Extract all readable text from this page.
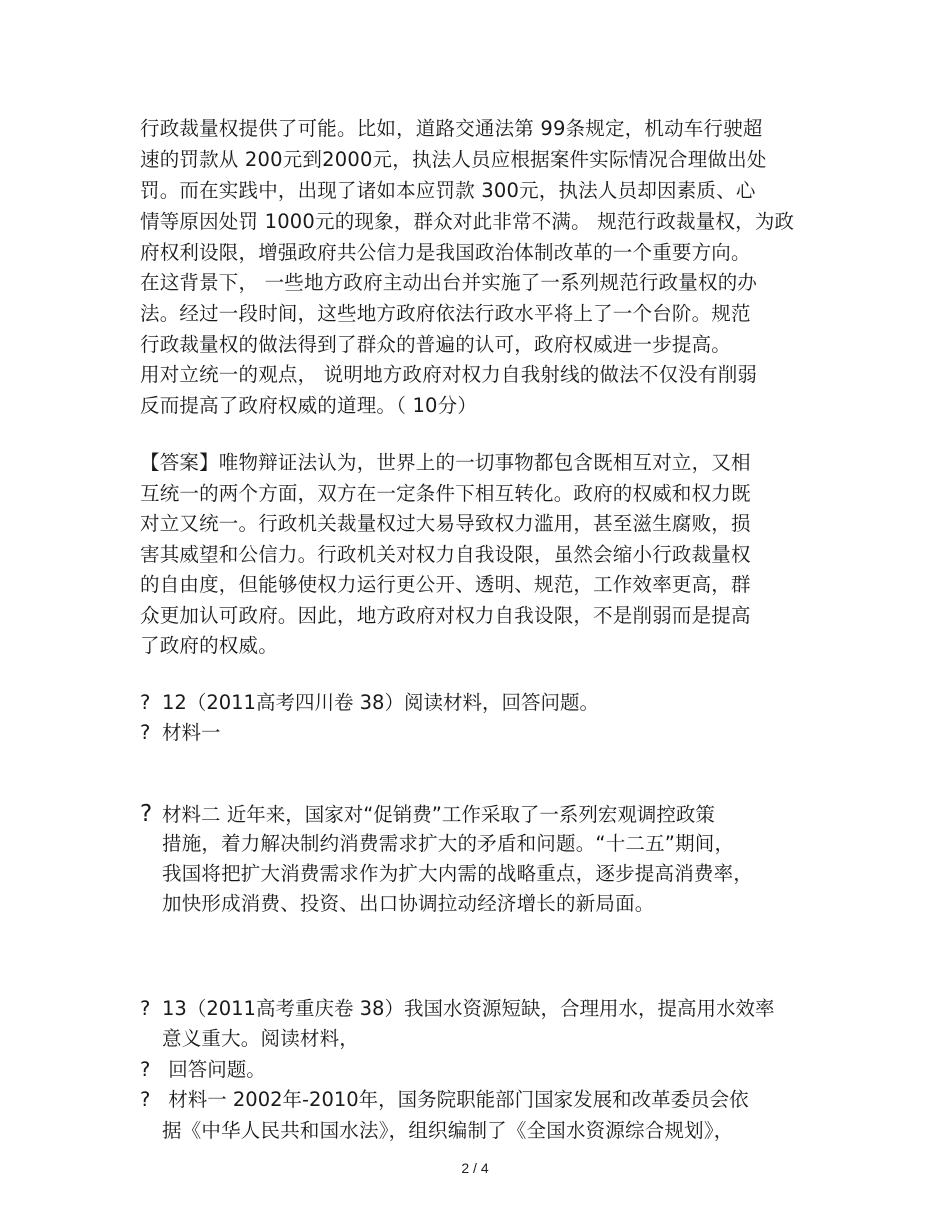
行政裁量权提供了可能。比如，道路交通法第 99条规定，机动车行驶超
速的罚款从 200元到2000元，执法人员应根据案件实际情况合理做出处
罚。而在实践中，出现了诸如本应罚款 300元，执法人员却因素质、心
情等原因处罚 1000元的现象，群众对此非常不满。 规范行政裁量权，为政
府权利设限，增强政府共公信力是我国政治体制改革的一个重要方向。
在这背景下， 一些地方政府主动出台并实施了一系列规范行政量权的办
法。经过一段时间，这些地方政府依法行政水平将上了一个台阶。规范
行政裁量权的做法得到了群众的普遍的认可，政府权威进一步提高。
用对立统一的观点， 说明地方政府对权力自我射线的做法不仅没有削弱
反而提高了政府权威的道理。（ 10分）
【答案】唯物辩证法认为，世界上的一切事物都包含既相互对立，又相
互统一的两个方面，双方在一定条件下相互转化。政府的权威和权力既
对立又统一。行政机关裁量权过大易导致权力滥用，甚至滋生腐败，损
害其威望和公信力。行政机关对权力自我设限，虽然会缩小行政裁量权
的自由度，但能够使权力运行更公开、透明、规范，工作效率更高，群
众更加认可政府。因此，地方政府对权力自我设限，不是削弱而是提高
了政府的权威。
? 12（2011高考四川卷 38）阅读材料，回答问题。
? 材料一
? 材料二 近年来，国家对“促销费”工作采取了一系列宏观调控政策
措施，着力解决制约消费需求扩大的矛盾和问题。“十二五”期间，
我国将把扩大消费需求作为扩大内需的战略重点，逐步提高消费率，
加快形成消费、投资、出口协调拉动经济增长的新局面。
? 13（2011高考重庆卷 38）我国水资源短缺，合理用水，提高用水效率
意义重大。阅读材料，
? 回答问题。
? 材料一 2002年-2010年，国务院职能部门国家发展和改革委员会依
据《中华人民共和国水法》，组织编制了《全国水资源综合规划》，
2 / 4
